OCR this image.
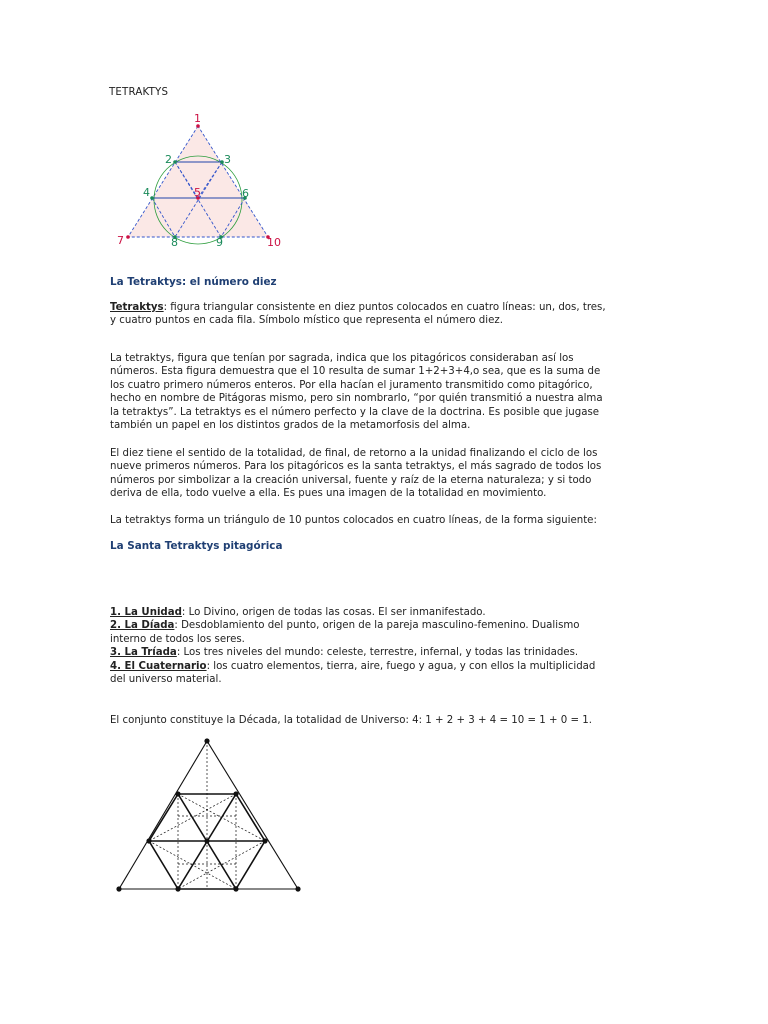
TETRAKTYS
1
2	3
4	5	6
7	8	9	10
La Tetraktys: el número diez
Tetraktys: figura triangular consistente en diez puntos colocados en cuatro líneas: un, dos, tres,
y cuatro puntos en cada fila. Símbolo místico que representa el número diez.
La tetraktys, figura que tenían por sagrada, indica que los pitagóricos consideraban así los
números. Esta figura demuestra que el 10 resulta de sumar 1+2+3+4,o sea, que es la suma de
los cuatro primero números enteros. Por ella hacían el juramento transmitido como pitagórico,
hecho en nombre de Pitágoras mismo, pero sin nombrarlo, “por quién transmitió a nuestra alma
la tetraktys”. La tetraktys es el número perfecto y la clave de la doctrina. Es posible que jugase
también un papel en los distintos grados de la metamorfosis del alma.
El diez tiene el sentido de la totalidad, de final, de retorno a la unidad finalizando el ciclo de los
nueve primeros números. Para los pitagóricos es la santa tetraktys, el más sagrado de todos los
números por simbolizar a la creación universal, fuente y raíz de la eterna naturaleza; y si todo
deriva de ella, todo vuelve a ella. Es pues una imagen de la totalidad en movimiento.
La tetraktys forma un triángulo de 10 puntos colocados en cuatro líneas, de la forma siguiente:
La Santa Tetraktys pitagórica
1. La Unidad: Lo Divino, origen de todas las cosas. El ser inmanifestado.
2. La Díada: Desdoblamiento del punto, origen de la pareja masculino-femenino. Dualismo
interno de todos los seres.
3. La Tríada: Los tres niveles del mundo: celeste, terrestre, infernal, y todas las trinidades.
4. El Cuaternario: los cuatro elementos, tierra, aire, fuego y agua, y con ellos la multiplicidad
del universo material.
El conjunto constituye la Década, la totalidad de Universo: 4: 1 + 2 + 3 + 4 = 10 = 1 + 0 = 1.
